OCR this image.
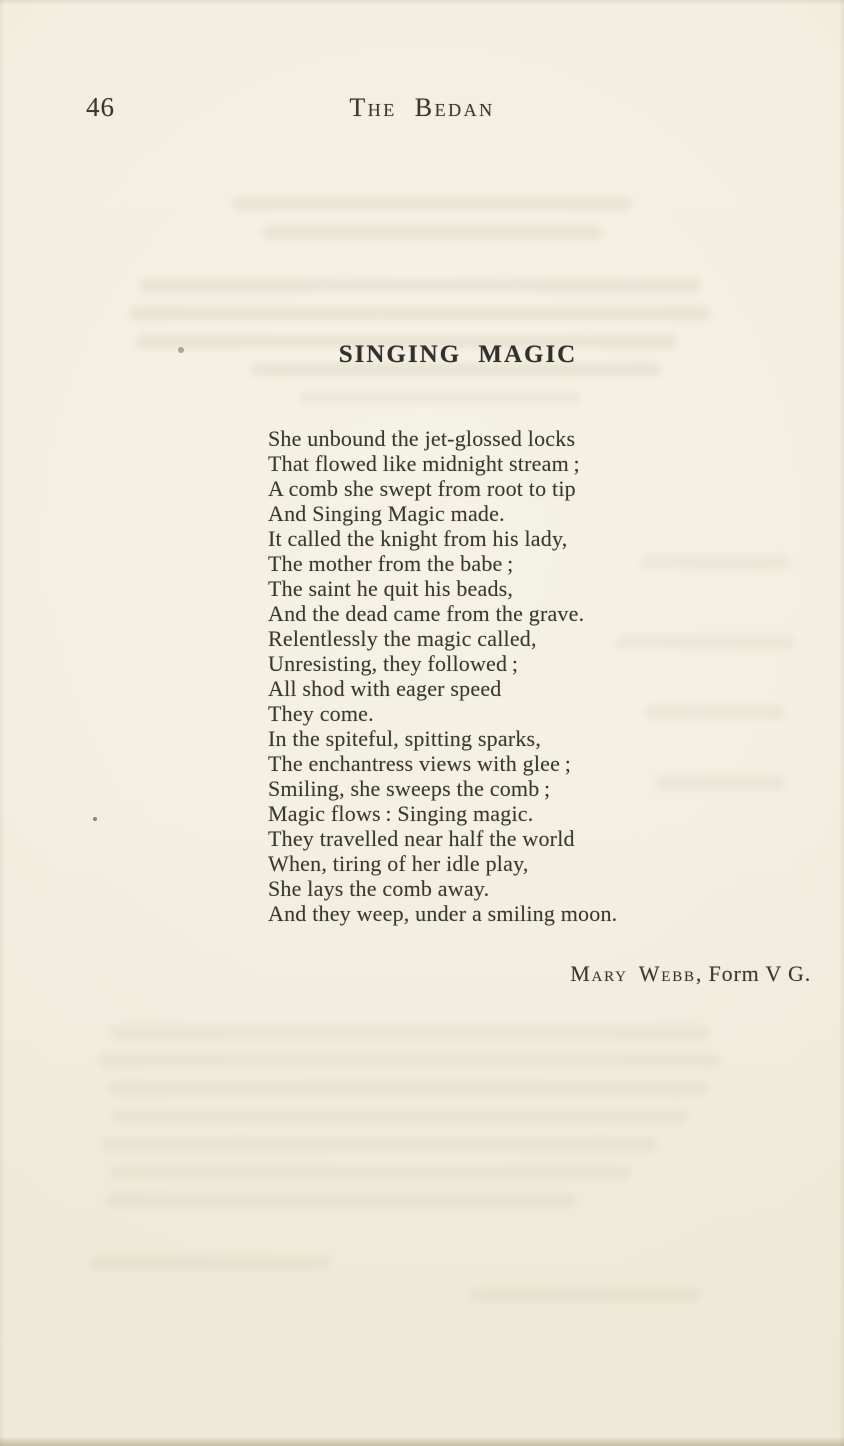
46	The Bedan
SINGING MAGIC
She unbound the jet-glossed locks
That flowed like midnight stream ;
A comb she swept from root to tip
And Singing Magic made.
It called the knight from his lady,
The mother from the babe ;
The saint he quit his beads,
And the dead came from the grave.
Relentlessly the magic called,
Unresisting, they followed ;
All shod with eager speed
They come.
In the spiteful, spitting sparks,
The enchantress views with glee ;
Smiling, she sweeps the comb ;
Magic flows : Singing magic.
They travelled near half the world
When, tiring of her idle play,
She lays the comb away.
And they weep, under a smiling moon.
Mary Webb, Form V G.
